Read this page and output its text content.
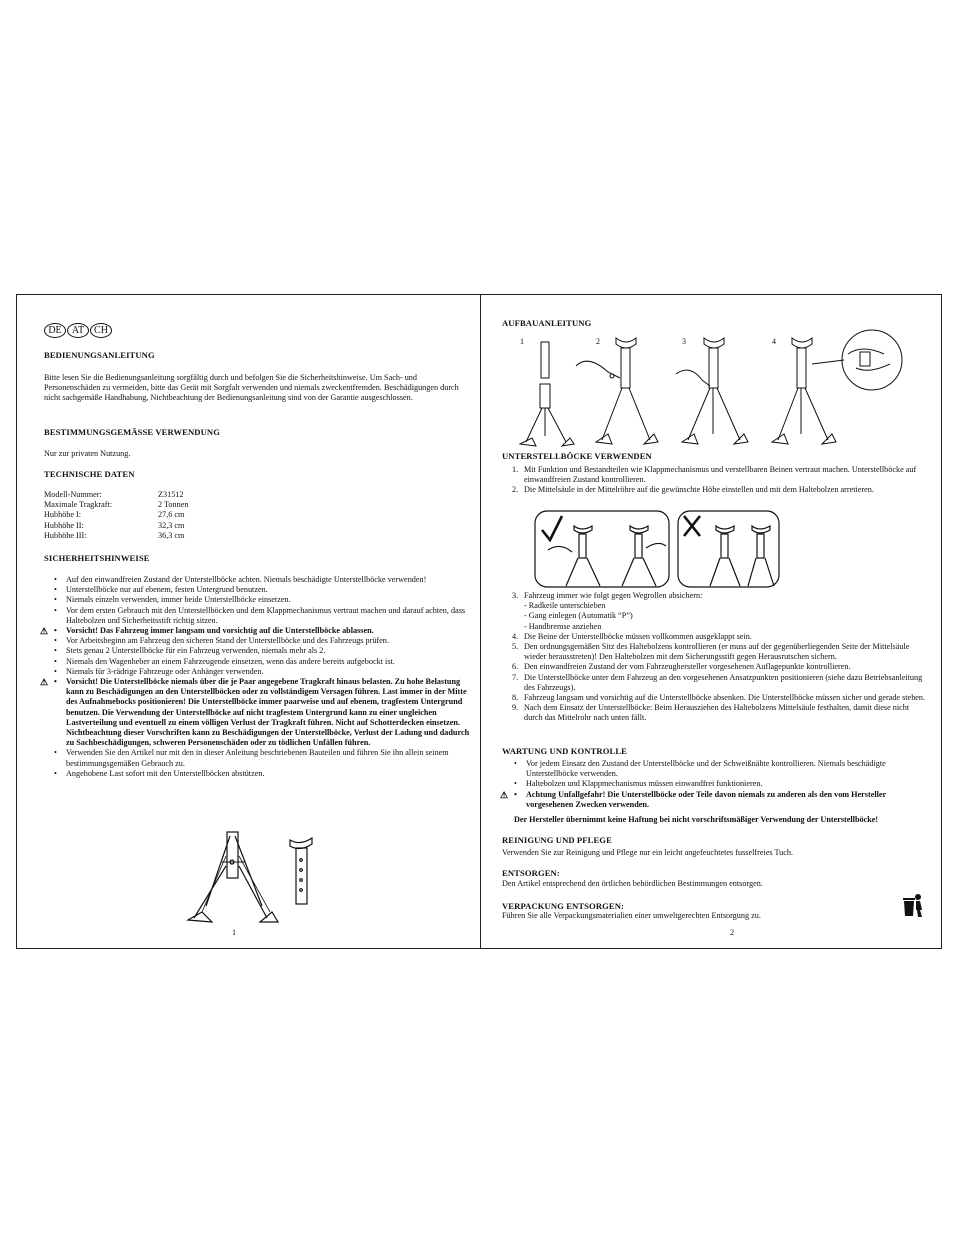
DE AT CH
BEDIENUNGSANLEITUNG
Bitte lesen Sie die Bedienungsanleitung sorgfältig durch und befolgen Sie die Sicherheitshinweise. Um Sach- und Personenschäden zu vermeiden, bitte das Gerät mit Sorgfalt verwenden und niemals zweckentfremden. Beschädigungen durch nicht sachgemäße Handhabung, Nichtbeachtung der Bedienungsanleitung sind von der Garantie ausgeschlossen.
BESTIMMUNGSGEMÄSSE VERWENDUNG
Nur zur privaten Nutzung.
TECHNISCHE DATEN
Modell-Nummer:	Z31512
Maximale Tragkraft:	2 Tonnen
Hubhöhe I:	27,6 cm
Hubhöhe II:	32,3 cm
Hubhöhe III:	36,3 cm
SICHERHEITSHINWEISE
• Auf den einwandfreien Zustand der Unterstellböcke achten. Niemals beschädigte Unterstellböcke verwenden!
• Unterstellböcke nur auf ebenem, festen Untergrund benutzen.
• Niemals einzeln verwenden, immer beide Unterstellböcke einsetzen.
• Vor dem ersten Gebrauch mit den Unterstellböcken und dem Klappmechanismus vertraut machen und darauf achten, dass Haltebolzen und Sicherheitsstift richtig sitzen.
⚠ • Vorsicht! Das Fahrzeug immer langsam und vorsichtig auf die Unterstellböcke ablassen.
• Vor Arbeitsbeginn am Fahrzeug den sicheren Stand der Unterstellböcke und des Fahrzeugs prüfen.
• Stets genau 2 Unterstellböcke für ein Fahrzeug verwenden, niemals mehr als 2.
• Niemals den Wagenheber an einem Fahrzeugende einsetzen, wenn das andere bereits aufgebockt ist.
• Niemals für 3-rädrige Fahrzeuge oder Anhänger verwenden.
⚠ • Vorsicht! Die Unterstellböcke niemals über die je Paar angegebene Tragkraft hinaus belasten. Zu hohe Belastung kann zu Beschädigungen an den Unterstellböcken oder zu vollständigem Versagen führen. Last immer in der Mitte des Aufnahmebocks positionieren! Die Unterstellböcke immer paarweise und auf ebenem, tragfestem Untergrund benutzen. Die Verwendung der Unterstellböcke auf nicht tragfestem Untergrund kann zu einer ungleichen Lastverteilung und eventuell zu einem völligen Verlust der Tragkraft führen. Nicht auf Schotterdecken einsetzen. Nichtbeachtung dieser Vorschriften kann zu Beschädigungen der Unterstellböcke, Verlust der Ladung und dadurch zu Sachbeschädigungen, schweren Personenschäden oder zu tödlichen Unfällen führen.
• Verwenden Sie den Artikel nur mit den in dieser Anleitung beschriebenen Bauteilen und führen Sie ihn allein seinem bestimmungsgemäßen Gebrauch zu.
• Angehobene Last sofort mit den Unterstellböcken abstützen.
1
AUFBAUANLEITUNG
1	2	3	4
UNTERSTELLBÖCKE VERWENDEN
1. Mit Funktion und Bestandteilen wie Klappmechanismus und verstellbaren Beinen vertraut machen. Unterstellböcke auf einwandfreien Zustand kontrollieren.
2. Die Mittelsäule in der Mittelröhre auf die gewünschte Höhe einstellen und mit dem Haltebolzen arretieren.
3. Fahrzeug immer wie folgt gegen Wegrollen absichern:
- Radkeile unterschieben
- Gang einlegen (Automatik “P”)
- Handbremse anziehen
4. Die Beine der Unterstellböcke müssen vollkommen ausgeklappt sein.
5. Den ordnungsgemäßen Sitz des Haltebolzens kontrollieren (er muss auf der gegenüberliegenden Seite der Mittelsäule wieder herausstreten)! Den Haltebolzen mit dem Sicherungsstift gegen Herausrutschen sichern.
6. Den einwandfreien Zustand der vom Fahrzeughersteller vorgesehenen Auflagepunkte kontrollieren.
7. Die Unterstellböcke unter dem Fahrzeug an den vorgesehenen Ansatzpunkten positionieren (siehe dazu Betriebsanleitung des Fahrzeugs).
8. Fahrzeug langsam und vorsichtig auf die Unterstellböcke absenken. Die Unterstellböcke müssen sicher und gerade stehen.
9. Nach dem Einsatz der Unterstellböcke: Beim Herausziehen des Haltebolzens Mittelsäule festhalten, damit diese nicht durch das Mittelrohr nach unten fällt.
WARTUNG UND KONTROLLE
• Vor jedem Einsatz den Zustand der Unterstellböcke und der Schweißnähte kontrollieren. Niemals beschädigte Unterstellböcke verwenden.
• Haltebolzen und Klappmechanismus müssen einwandfrei funktionieren.
⚠ • Achtung Unfallgefahr! Die Unterstellböcke oder Teile davon niemals zu anderen als den vom Hersteller vorgesehenen Zwecken verwenden.
Der Hersteller übernimmt keine Haftung bei nicht vorschriftsmäßiger Verwendung der Unterstellböcke!
REINIGUNG UND PFLEGE
Verwenden Sie zur Reinigung und Pflege nur ein leicht angefeuchtetes fusselfreies Tuch.
ENTSORGEN:
Den Artikel entsprechend den örtlichen behördlichen Bestimmungen entsorgen.
VERPACKUNG ENTSORGEN:
Führen Sie alle Verpackungsmaterialien einer umweltgerechten Entsorgung zu.
2
